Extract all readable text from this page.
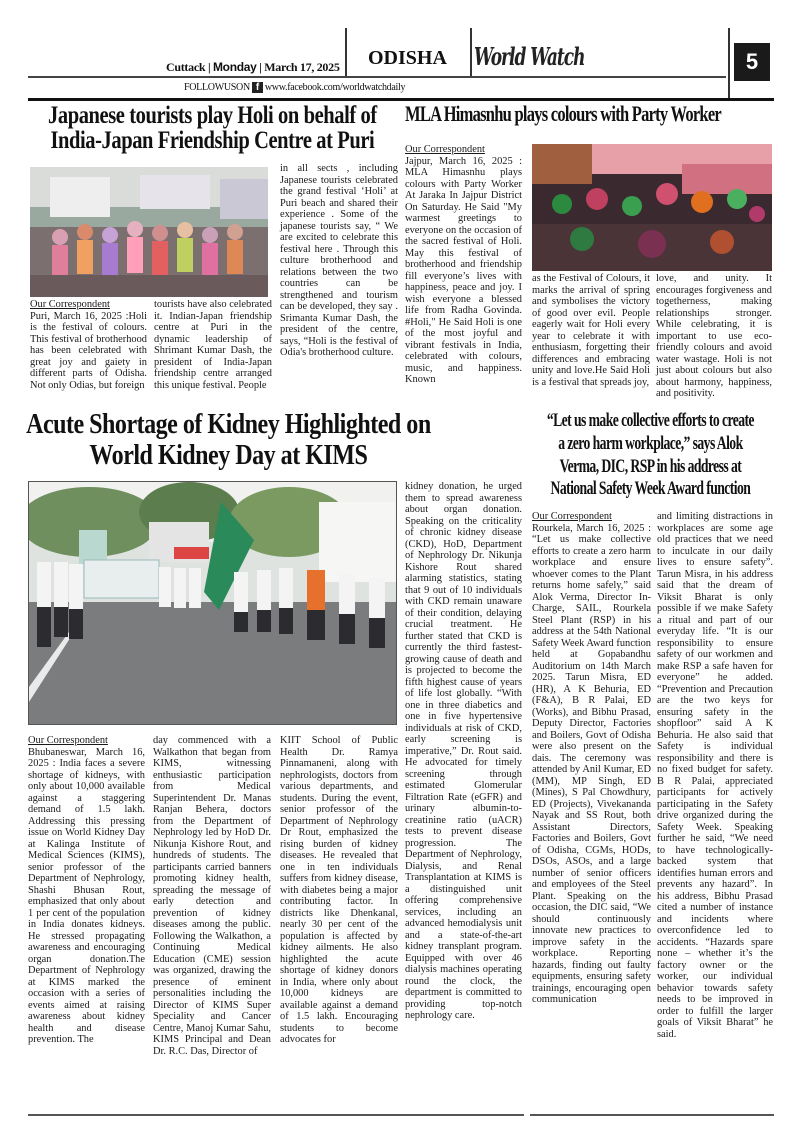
Cuttack | Monday | March 17, 2025 ODISHA World Watch	5
FOLLOWUSON f www.facebook.com/worldwatchdaily
Japanese tourists play Holi on behalf of
India-Japan Friendship Centre at Puri
Our Correspondent
Puri, March 16, 2025 :Holi is the festival of colours. This festival of brotherhood has been celebrated with great joy and gaiety in different parts of Odisha. Not only Odias, but foreign
tourists have also celebrated it. Indian-Japan friendship centre at Puri in the dynamic leadership of Shrimant Kumar Dash, the president of India-Japan friendship centre arranged this unique festival. People
in all sects , including Japanese tourists celebrated the grand festival ‘Holi’ at Puri beach and shared their experience . Some of the japanese tourists say, “ We are excited to celebrate this festival here . Through this culture brotherhood and relations between the two countries can be strengthened and tourism can be developed, they say . Srimanta Kumar Dash, the president of the centre, says, “Holi is the festival of Odia's brotherhood culture.
MLA Himasnhu plays colours with Party Worker
Our Correspondent
Jajpur, March 16, 2025 : MLA Himasnhu plays colours with Party Worker At Jaraka In Jajpur District On Saturday. He Said "My warmest greetings to everyone on the occasion of the sacred festival of Holi. May this festival of brotherhood and friendship fill everyone’s lives with happiness, peace and joy. I wish everyone a blessed life from Radha Govinda. #Holi," He Said Holi is one of the most joyful and vibrant festivals in India, celebrated with colours, music, and happiness. Known
as the Festival of Colours, it marks the arrival of spring and symbolises the victory of good over evil. People eagerly wait for Holi every year to celebrate it with enthusiasm, forgetting their differences and embracing unity and love.He Said Holi is a festival that spreads joy,
love, and unity. It encourages forgiveness and togetherness, making relationships stronger. While celebrating, it is important to use eco-friendly colours and avoid water wastage. Holi is not just about colours but also about harmony, happiness, and positivity.
Acute Shortage of Kidney Highlighted on
World Kidney Day at KIMS
Our Correspondent
Bhubaneswar, March 16, 2025 : India faces a severe shortage of kidneys, with only about 10,000 available against a staggering demand of 1.5 lakh. Addressing this pressing issue on World Kidney Day at Kalinga Institute of Medical Sciences (KIMS), senior professor of the Department of Nephrology, Shashi Bhusan Rout, emphasized that only about 1 per cent of the population in India donates kidneys. He stressed propagating awareness and encouraging organ donation.The Department of Nephrology at KIMS marked the occasion with a series of events aimed at raising awareness about kidney health and disease prevention. The
day commenced with a Walkathon that began from KIMS, witnessing enthusiastic participation from Medical Superintendent Dr. Manas Ranjan Behera, doctors from the Department of Nephrology led by HoD Dr. Nikunja Kishore Rout, and hundreds of students. The participants carried banners promoting kidney health, spreading the message of early detection and prevention of kidney diseases among the public. Following the Walkathon, a Continuing Medical Education (CME) session was organized, drawing the presence of eminent personalities including the Director of KIMS Super Speciality and Cancer Centre, Manoj Kumar Sahu, KIMS Principal and Dean Dr. R.C. Das, Director of
KIIT School of Public Health Dr. Ramya Pinnamaneni, along with nephrologists, doctors from various departments, and students. During the event, senior professor of the Department of Nephrology Dr Rout, emphasized the rising burden of kidney diseases. He revealed that one in ten individuals suffers from kidney disease, with diabetes being a major contributing factor. In districts like Dhenkanal, nearly 30 per cent of the population is affected by kidney ailments. He also highlighted the acute shortage of kidney donors in India, where only about 10,000 kidneys are available against a demand of 1.5 lakh. Encouraging students to become advocates for
kidney donation, he urged them to spread awareness about organ donation. Speaking on the criticality of chronic kidney disease (CKD), HoD, Department of Nephrology Dr. Nikunja Kishore Rout shared alarming statistics, stating that 9 out of 10 individuals with CKD remain unaware of their condition, delaying crucial treatment. He further stated that CKD is currently the third fastest-growing cause of death and is projected to become the fifth highest cause of years of life lost globally. “With one in three diabetics and one in five hypertensive individuals at risk of CKD, early screening is imperative,” Dr. Rout said. He advocated for timely screening through estimated Glomerular Filtration Rate (eGFR) and urinary albumin-to-creatinine ratio (uACR) tests to prevent disease progression. The Department of Nephrology, Dialysis, and Renal Transplantation at KIMS is a distinguished unit offering comprehensive services, including an advanced hemodialysis unit and a state-of-the-art kidney transplant program. Equipped with over 46 dialysis machines operating round the clock, the department is committed to providing top-notch nephrology care.
“Let us make collective efforts to create
a zero harm workplace,” says Alok
Verma, DIC, RSP in his address at
National Safety Week Award function
Our Correspondent
Rourkela, March 16, 2025 : “Let us make collective efforts to create a zero harm workplace and ensure whoever comes to the Plant returns home safely,” said Alok Verma, Director In-Charge, SAIL, Rourkela Steel Plant (RSP) in his address at the 54th National Safety Week Award function held at Gopabandhu Auditorium on 14th March 2025. Tarun Misra, ED (HR), A K Behuria, ED (F&A), B R Palai, ED (Works), and Bibhu Prasad, Deputy Director, Factories and Boilers, Govt of Odisha were also present on the dais. The ceremony was attended by Anil Kumar, ED (MM), MP Singh, ED (Mines), S Pal Chowdhury, ED (Projects), Vivekananda Nayak and SS Rout, both Assistant Directors, Factories and Boilers, Govt of Odisha, CGMs, HODs, DSOs, ASOs, and a large number of senior officers and employees of the Steel Plant. Speaking on the occasion, the DIC said, “We should continuously innovate new practices to improve safety in the workplace. Reporting hazards, finding out faulty equipments, ensuring safety trainings, encouraging open communication
and limiting distractions in workplaces are some age old practices that we need to inculcate in our daily lives to ensure safety”. Tarun Misra, in his address said that the dream of Viksit Bharat is only possible if we make Safety a ritual and part of our everyday life. “It is our responsibility to ensure safety of our workmen and make RSP a safe haven for everyone” he added. “Prevention and Precaution are the two keys for ensuring safety in the shopfloor” said A K Behuria. He also said that Safety is individual responsibility and there is no fixed budget for safety. B R Palai, appreciated participants for actively participating in the Safety drive organized during the Safety Week. Speaking further he said, “We need to have technologically-backed system that identifies human errors and prevents any hazard”. In his address, Bibhu Prasad cited a number of instance and incidents where overconfidence led to accidents. “Hazards spare none – whether it’s the factory owner or the worker, our individual behavior towards safety needs to be improved in order to fulfill the larger goals of Viksit Bharat” he said.
